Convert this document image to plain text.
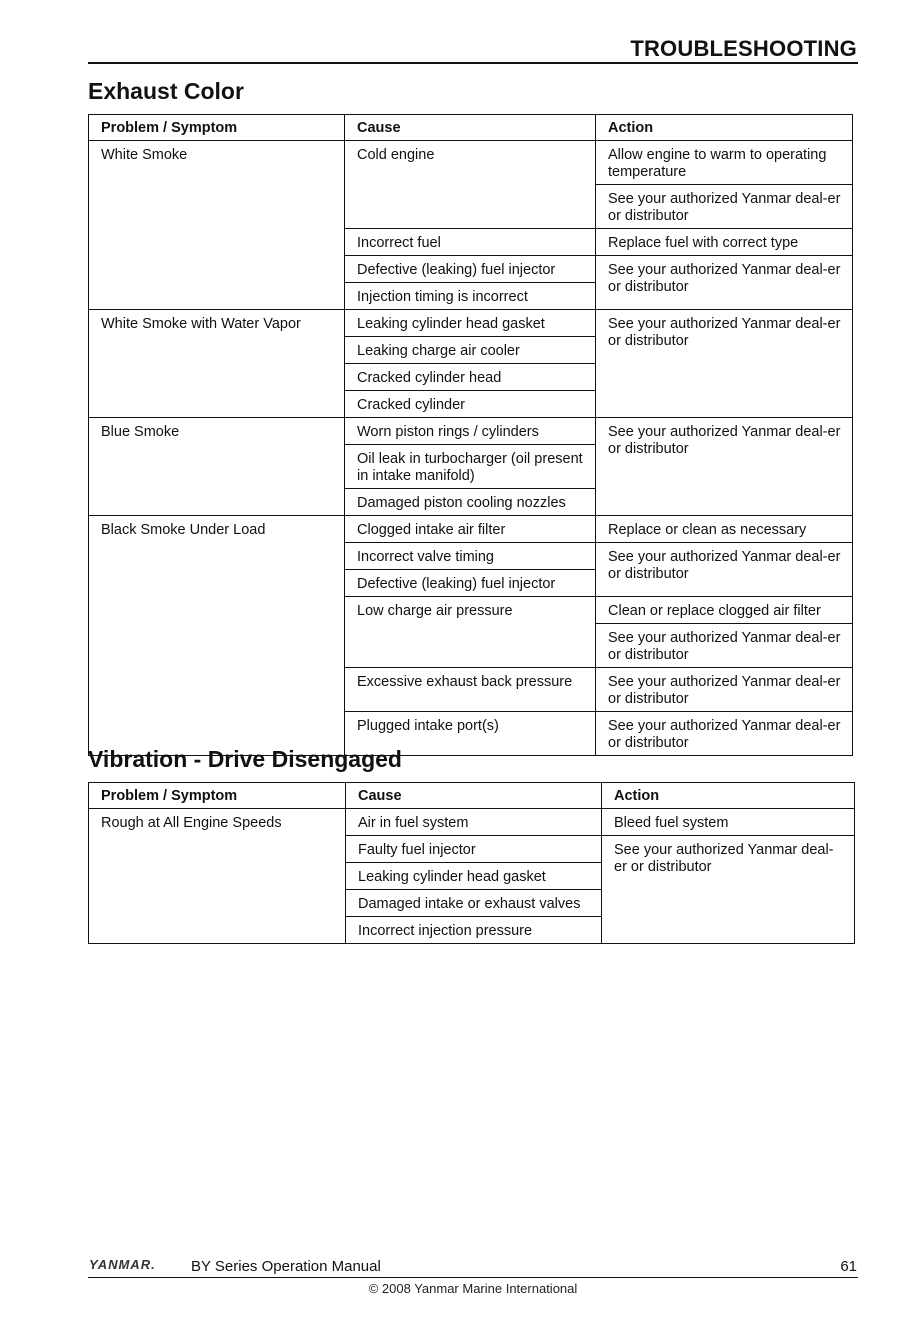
TROUBLESHOOTING
Exhaust Color
Problem / Symptom	Cause	Action
White Smoke	Cold engine	Allow engine to warm to operating temperature
		See your authorized Yanmar deal-er or distributor
	Incorrect fuel	Replace fuel with correct type
	Defective (leaking) fuel injector	See your authorized Yanmar deal-er or distributor
	Injection timing is incorrect	
White Smoke with Water Vapor	Leaking cylinder head gasket	See your authorized Yanmar deal-er or distributor
	Leaking charge air cooler	
	Cracked cylinder head	
	Cracked cylinder	
Blue Smoke	Worn piston rings / cylinders	See your authorized Yanmar deal-er or distributor
	Oil leak in turbocharger (oil present in intake manifold)	
	Damaged piston cooling nozzles	
Black Smoke Under Load	Clogged intake air filter	Replace or clean as necessary
	Incorrect valve timing	See your authorized Yanmar deal-er or distributor
	Defective (leaking) fuel injector	
	Low charge air pressure	Clean or replace clogged air filter
		See your authorized Yanmar deal-er or distributor
	Excessive exhaust back pressure	See your authorized Yanmar deal-er or distributor
	Plugged intake port(s)	See your authorized Yanmar deal-er or distributor
Vibration - Drive Disengaged
Problem / Symptom	Cause	Action
Rough at All Engine Speeds	Air in fuel system	Bleed fuel system
	Faulty fuel injector	See your authorized Yanmar deal-er or distributor
	Leaking cylinder head gasket	
	Damaged intake or exhaust valves	
	Incorrect injection pressure	
YANMAR. BY Series Operation Manual	61
© 2008 Yanmar Marine International
